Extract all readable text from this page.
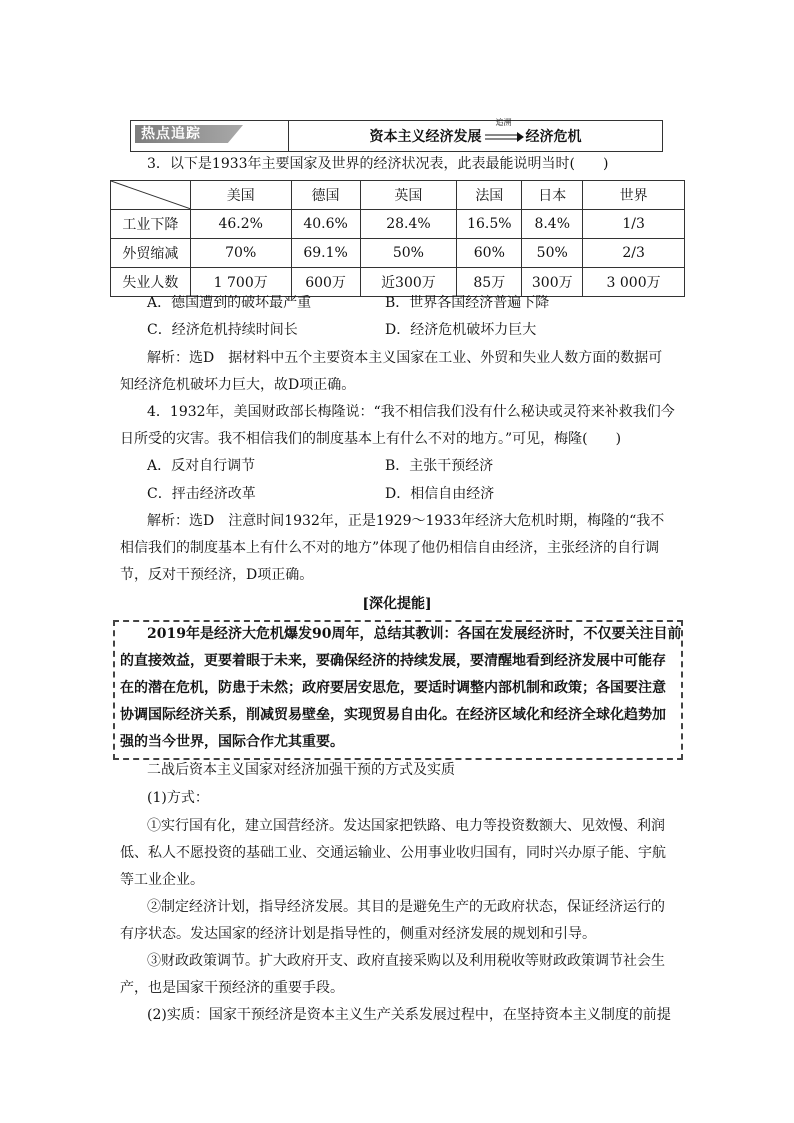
热点追踪	资本主义经济发展
追溯
经济危机
3．以下是1933年主要国家及世界的经济状况表，此表最能说明当时(　　)
	美国	德国	英国	法国	日本	世界
工业下降	46.2%	40.6%	28.4%	16.5%	8.4%	1/3
外贸缩减	70%	69.1%	50%	60%	50%	2/3
失业人数	1 700万	600万	近300万	85万	300万	3 000万
A．德国遭到的破坏最严重	B．世界各国经济普遍下降
C．经济危机持续时间长	D．经济危机破坏力巨大
解析：选D　据材料中五个主要资本主义国家在工业、外贸和失业人数方面的数据可
知经济危机破坏力巨大，故D项正确。
4．1932年，美国财政部长梅隆说：“我不相信我们没有什么秘诀或灵符来补救我们今
日所受的灾害。我不相信我们的制度基本上有什么不对的地方。”可见，梅隆(　　)
A．反对自行调节	B．主张干预经济
C．抨击经济改革	D．相信自由经济
解析：选D　注意时间1932年，正是1929～1933年经济大危机时期，梅隆的“我不
相信我们的制度基本上有什么不对的地方”体现了他仍相信自由经济，主张经济的自行调
节，反对干预经济，D项正确。
[深化提能]
2019年是经济大危机爆发90周年，总结其教训：各国在发展经济时，不仅要关注目前
的直接效益，更要着眼于未来，要确保经济的持续发展，要清醒地看到经济发展中可能存
在的潜在危机，防患于未然；政府要居安思危，要适时调整内部机制和政策；各国要注意
协调国际经济关系，削减贸易壁垒，实现贸易自由化。在经济区域化和经济全球化趋势加
强的当今世界，国际合作尤其重要。
二战后资本主义国家对经济加强干预的方式及实质
(1)方式：
①实行国有化，建立国营经济。发达国家把铁路、电力等投资数额大、见效慢、利润
低、私人不愿投资的基础工业、交通运输业、公用事业收归国有，同时兴办原子能、宇航
等工业企业。
②制定经济计划，指导经济发展。其目的是避免生产的无政府状态，保证经济运行的
有序状态。发达国家的经济计划是指导性的，侧重对经济发展的规划和引导。
③财政政策调节。扩大政府开支、政府直接采购以及利用税收等财政政策调节社会生
产，也是国家干预经济的重要手段。
(2)实质：国家干预经济是资本主义生产关系发展过程中，在坚持资本主义制度的前提
